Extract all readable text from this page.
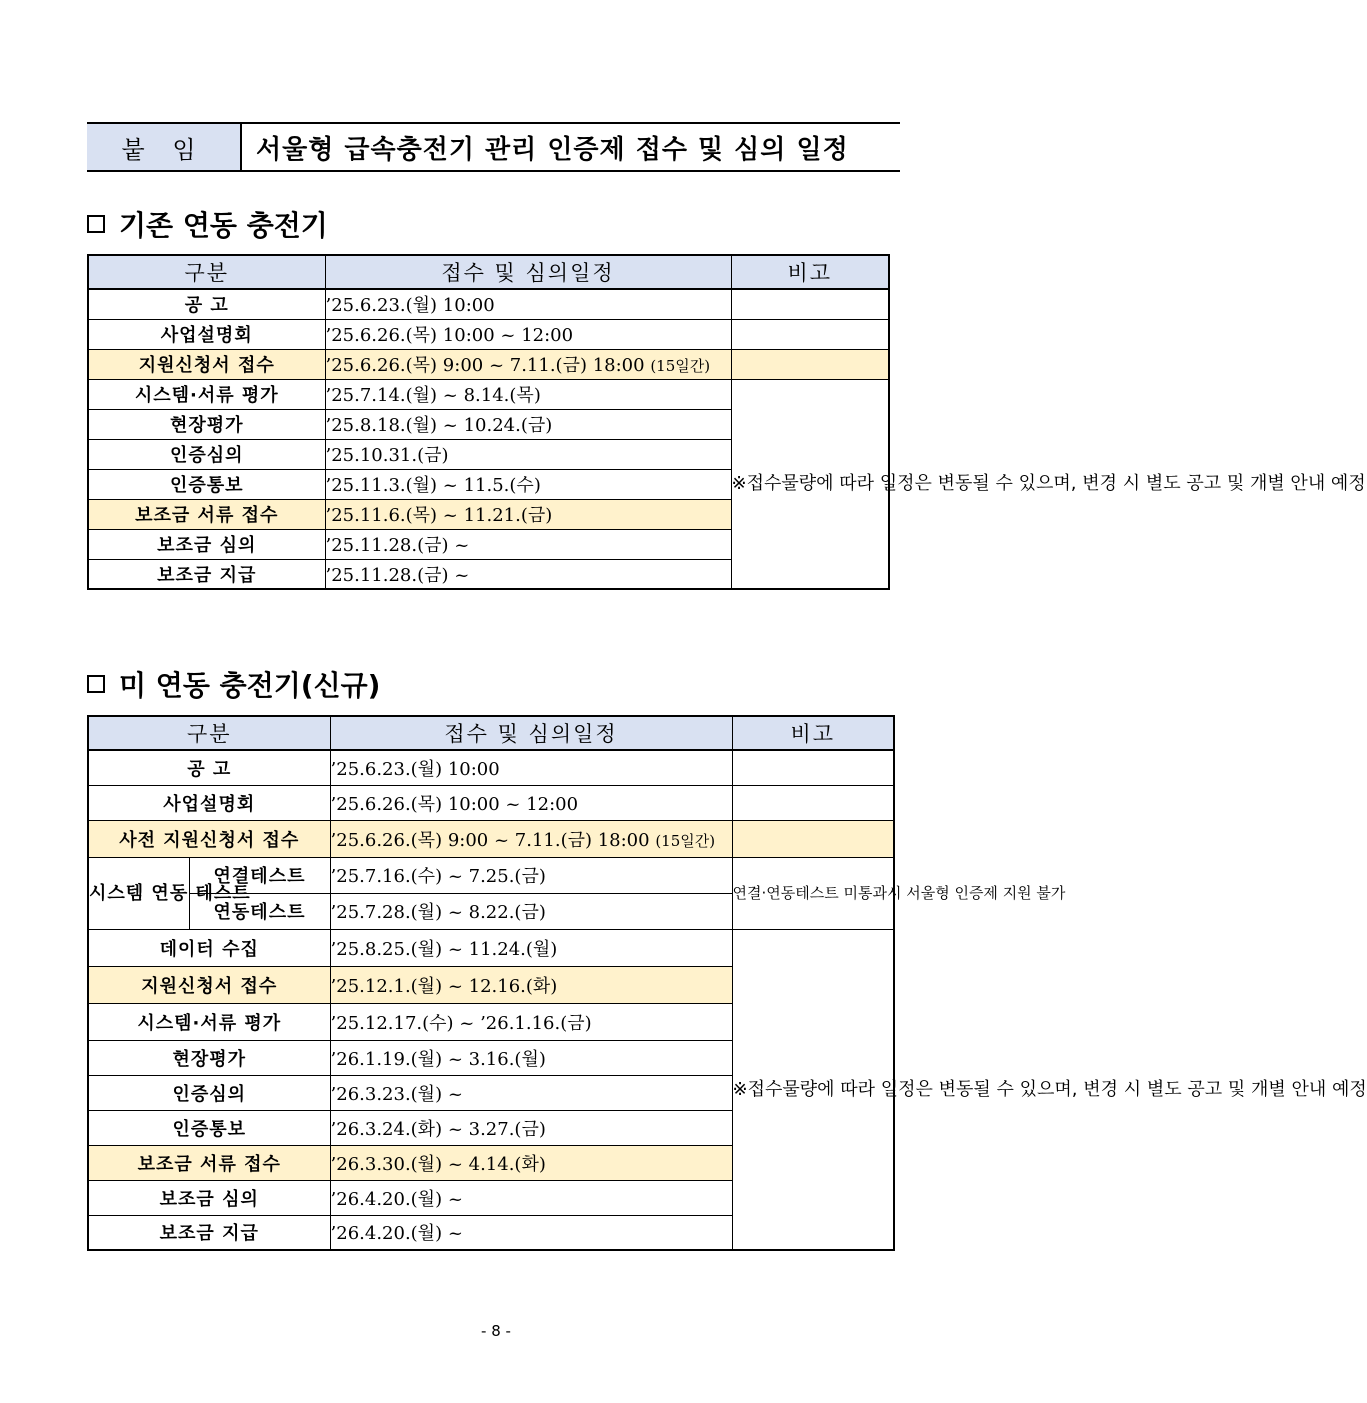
붙 임	서울형 급속충전기 관리 인증제 접수 및 심의 일정
기존 연동 충전기
구분	접수 및 심의일정	비고
공 고	’25.6.23.(월) 10:00	
사업설명회	’25.6.26.(목) 10:00 ~ 12:00	
지원신청서 접수	’25.6.26.(목) 9:00 ~ 7.11.(금) 18:00 (15일간)	
시스템·서류 평가	’25.7.14.(월) ~ 8.14.(목)	※접수물량에 따라 일정은 변동될 수 있으며, 변경 시 별도 공고 및 개별 안내 예정
현장평가	’25.8.18.(월) ~ 10.24.(금)	
인증심의	’25.10.31.(금)	
인증통보	’25.11.3.(월) ~ 11.5.(수)	
보조금 서류 접수	’25.11.6.(목) ~ 11.21.(금)	
보조금 심의	’25.11.28.(금) ~	
보조금 지급	’25.11.28.(금) ~	
미 연동 충전기(신규)
구분		접수 및 심의일정	비고
공 고		’25.6.23.(월) 10:00	
사업설명회		’25.6.26.(목) 10:00 ~ 12:00	
사전 지원신청서 접수		’25.6.26.(목) 9:00 ~ 7.11.(금) 18:00 (15일간)	
시스템 연동 테스트	연결테스트	’25.7.16.(수) ~ 7.25.(금)	연결·연동테스트 미통과시 서울형 인증제 지원 불가
	연동테스트	’25.7.28.(월) ~ 8.22.(금)	
데이터 수집		’25.8.25.(월) ~ 11.24.(월)	※접수물량에 따라 일정은 변동될 수 있으며, 변경 시 별도 공고 및 개별 안내 예정
지원신청서 접수		’25.12.1.(월) ~ 12.16.(화)	
시스템·서류 평가		’25.12.17.(수) ~ ’26.1.16.(금)	
현장평가		’26.1.19.(월) ~ 3.16.(월)	
인증심의		’26.3.23.(월) ~	
인증통보		’26.3.24.(화) ~ 3.27.(금)	
보조금 서류 접수		’26.3.30.(월) ~ 4.14.(화)	
보조금 심의		’26.4.20.(월) ~	
보조금 지급		’26.4.20.(월) ~	
- 8 -
